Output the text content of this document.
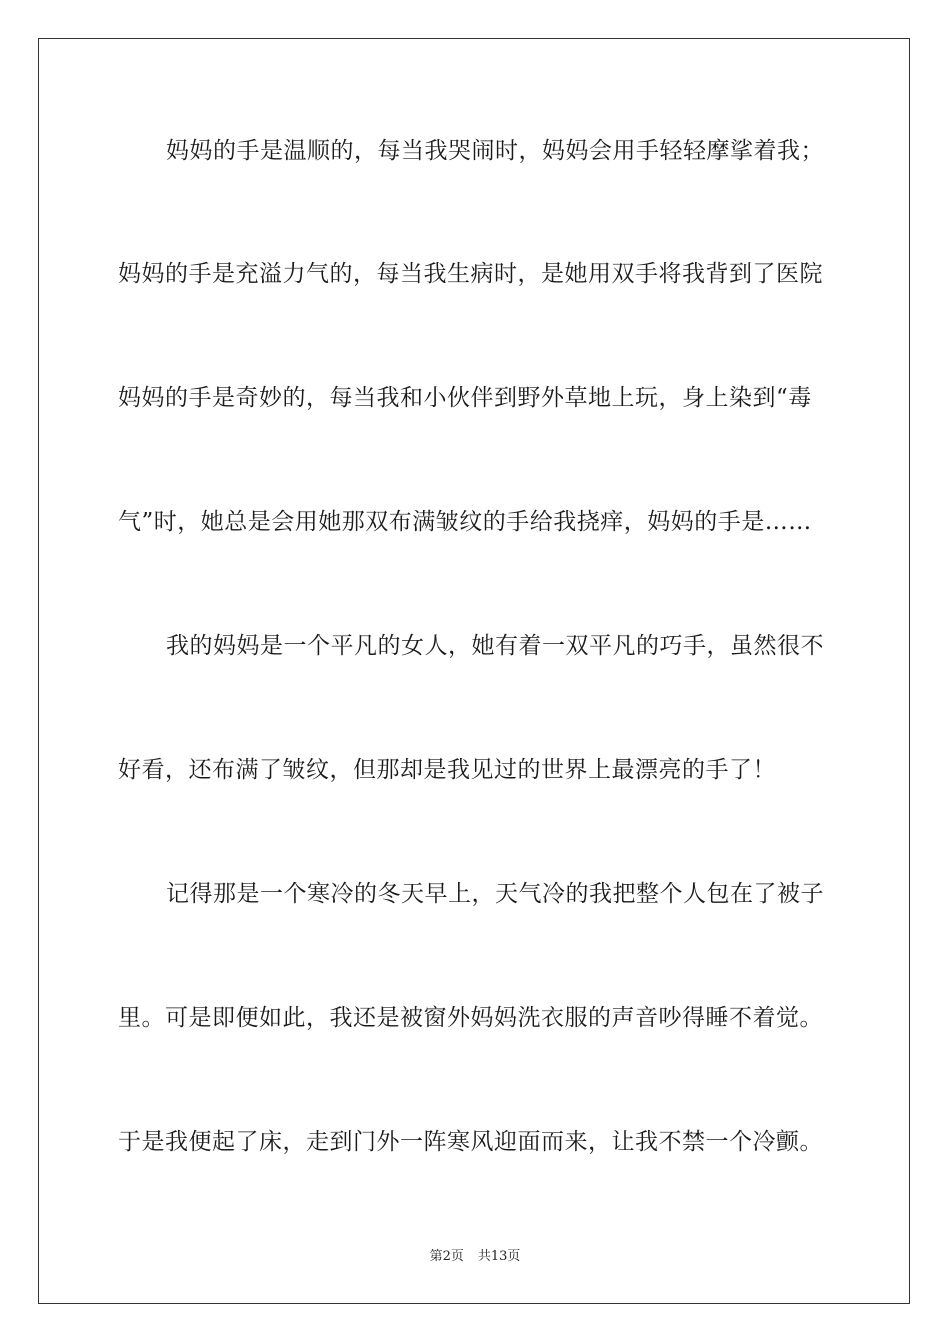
妈妈的手是温顺的，每当我哭闹时，妈妈会用手轻轻摩挲着我；
妈妈的手是充溢力气的，每当我生病时，是她用双手将我背到了医院
妈妈的手是奇妙的，每当我和小伙伴到野外草地上玩，身上染到“毒
气”时，她总是会用她那双布满皱纹的手给我挠痒，妈妈的手是……
我的妈妈是一个平凡的女人，她有着一双平凡的巧手，虽然很不
好看，还布满了皱纹，但那却是我见过的世界上最漂亮的手了！
记得那是一个寒冷的冬天早上，天气冷的我把整个人包在了被子
里。可是即便如此，我还是被窗外妈妈洗衣服的声音吵得睡不着觉。
于是我便起了床，走到门外一阵寒风迎面而来，让我不禁一个冷颤。
第2页 共13页
